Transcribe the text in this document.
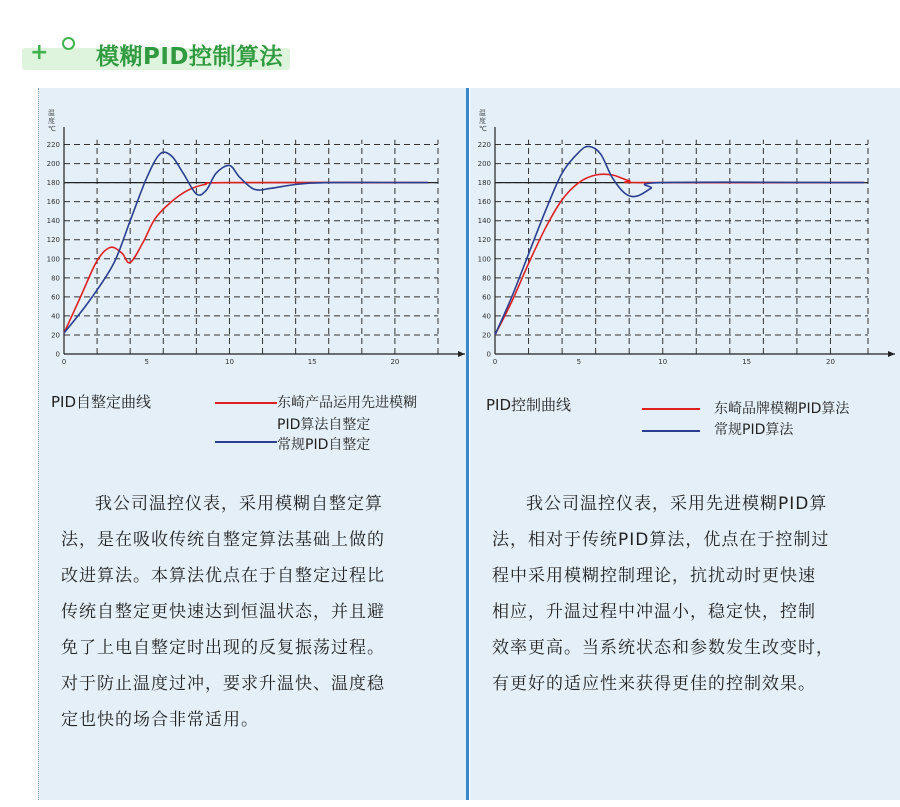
+ 模糊PID控制算法
0
20
40
60
80
100
120
140
160
180
200
220
0	5	10	15	20
温
度
℃
PID自整定曲线	东崎产品运用先进模糊
PID算法自整定
常规PID自整定

我公司温控仪表，采用模糊自整定算

法，是在吸收传统自整定算法基础上做的

改进算法。本算法优点在于自整定过程比

传统自整定更快速达到恒温状态，并且避

免了上电自整定时出现的反复振荡过程。

对于防止温度过冲，要求升温快、温度稳

定也快的场合非常适用。

0
20
40
60
80
100
120
140
160
180
200
220
0	5	10	15	20
温
度
℃
PID控制曲线	东崎品牌模糊PID算法
常规PID算法

我公司温控仪表，采用先进模糊PID算

法，相对于传统PID算法，优点在于控制过

程中采用模糊控制理论，抗扰动时更快速

相应，升温过程中冲温小，稳定快，控制

效率更高。当系统状态和参数发生改变时，

有更好的适应性来获得更佳的控制效果。
